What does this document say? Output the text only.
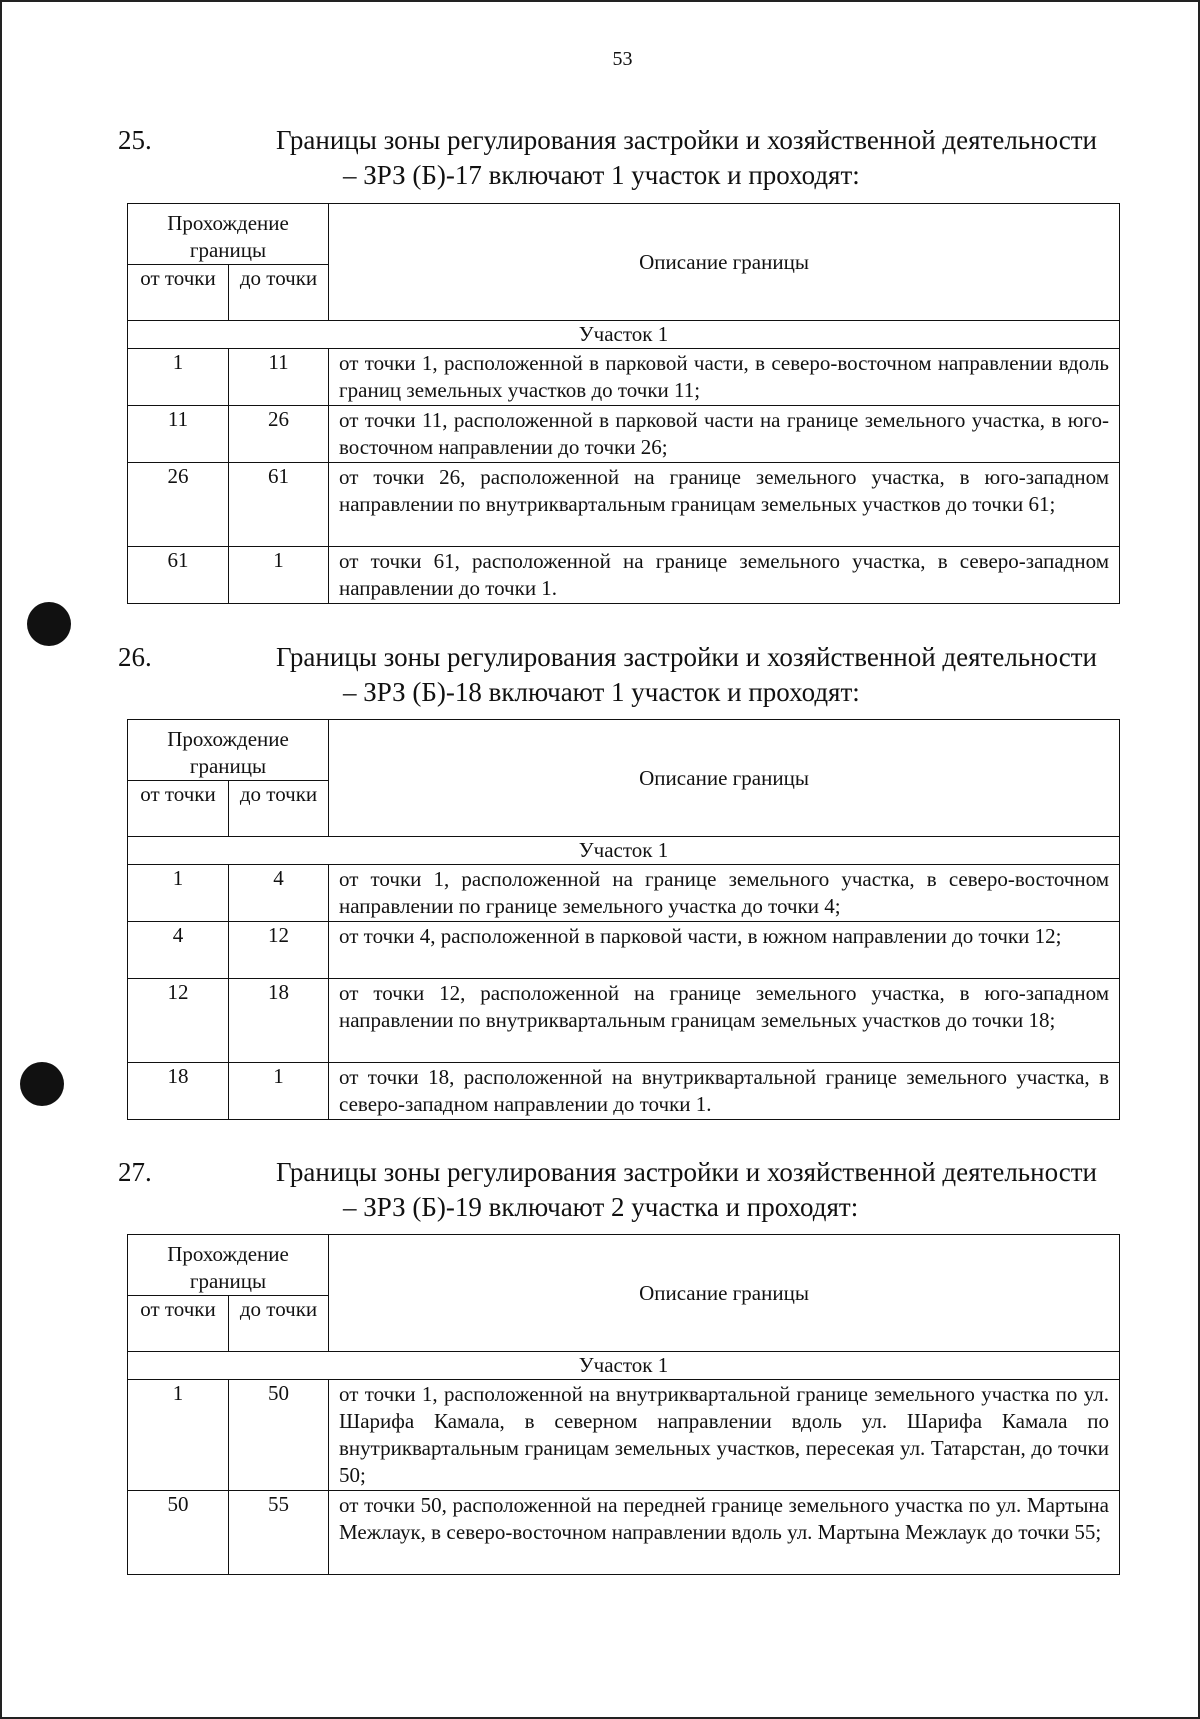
53
25.	Границы зоны регулирования застройки и хозяйственной деятельности
– ЗРЗ (Б)-17 включают 1 участок и проходят:
Прохождение границы		Описание границы
от точки	до точки	
Участок 1		
1	11	от точки 1, расположенной в парковой части, в северо-восточном направлении вдоль границ земельных участков до точки 11;
11	26	от точки 11, расположенной в парковой части на границе земельного участка, в юго-восточном направлении до точки 26;
26	61	от точки 26, расположенной на границе земельного участка, в юго-западном направлении по внутриквартальным границам земельных участков до точки 61;
61	1	от точки 61, расположенной на границе земельного участка, в северо-западном направлении до точки 1.
26.	Границы зоны регулирования застройки и хозяйственной деятельности
– ЗРЗ (Б)-18 включают 1 участок и проходят:
Прохождение границы		Описание границы
от точки	до точки	
Участок 1		
1	4	от точки 1, расположенной на границе земельного участка, в северо-восточном направлении по границе земельного участка до точки 4;
4	12	от точки 4, расположенной в парковой части, в южном направлении до точки 12;
12	18	от точки 12, расположенной на границе земельного участка, в юго-западном направлении по внутриквартальным границам земельных участков до точки 18;
18	1	от точки 18, расположенной на внутриквартальной границе земельного участка, в северо-западном направлении до точки 1.
27.	Границы зоны регулирования застройки и хозяйственной деятельности
– ЗРЗ (Б)-19 включают 2 участка и проходят:
Прохождение границы		Описание границы
от точки	до точки	
Участок 1		
1	50	от точки 1, расположенной на внутриквартальной границе земельного участка по ул. Шарифа Камала, в северном направлении вдоль ул. Шарифа Камала по внутриквартальным границам земельных участков, пересекая ул. Татарстан, до точки 50;
50	55	от точки 50, расположенной на передней границе земельного участка по ул. Мартына Межлаук, в северо-восточном направлении вдоль ул. Мартына Межлаук до точки 55;
